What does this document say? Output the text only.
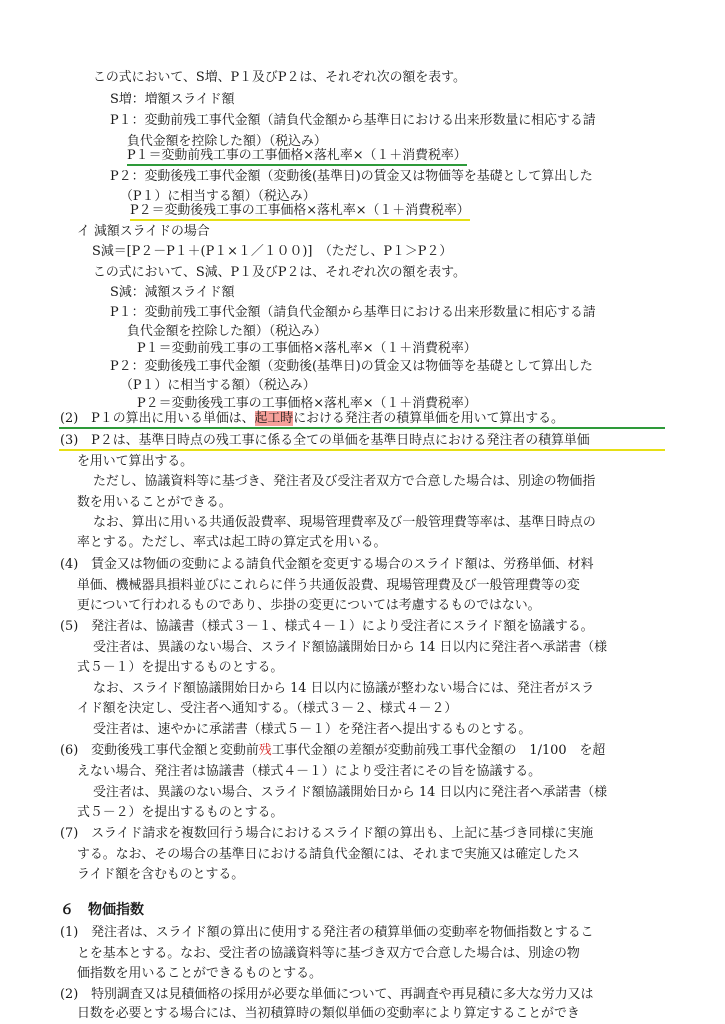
この式において、S増、P１及びP２は、それぞれ次の額を表す。
S増：増額スライド額
P１：変動前残工事代金額（請負代金額から基準日における出来形数量に相応する請
負代金額を控除した額）（税込み）
P１＝変動前残工事の工事価格×落札率×（１＋消費税率）
P２：変動後残工事代金額（変動後(基準日)の賃金又は物価等を基礎として算出した
（P１）に相当する額）（税込み）
P２＝変動後残工事の工事価格×落札率×（１＋消費税率）
イ 減額スライドの場合
S減＝[P２－P１＋(P１×１／１００)]　（ただし、P１＞P２）
この式において、S減、P１及びP２は、それぞれ次の額を表す。
S減：減額スライド額
P１：変動前残工事代金額（請負代金額から基準日における出来形数量に相応する請
負代金額を控除した額）（税込み）
P１＝変動前残工事の工事価格×落札率×（１＋消費税率）
P２：変動後残工事代金額（変動後(基準日)の賃金又は物価等を基礎として算出した
（P１）に相当する額）（税込み）
P２＝変動後残工事の工事価格×落札率×（１＋消費税率）
(2)　P１の算出に用いる単価は、起工時における発注者の積算単価を用いて算出する。
(3)　P２は、基準日時点の残工事に係る全ての単価を基準日時点における発注者の積算単価
を用いて算出する。
ただし、協議資料等に基づき、発注者及び受注者双方で合意した場合は、別途の物価指
数を用いることができる。
なお、算出に用いる共通仮設費率、現場管理費率及び一般管理費等率は、基準日時点の
率とする。ただし、率式は起工時の算定式を用いる。
(4)　賃金又は物価の変動による請負代金額を変更する場合のスライド額は、労務単価、材料
単価、機械器具損料並びにこれらに伴う共通仮設費、現場管理費及び一般管理費等の変
更について行われるものであり、歩掛の変更については考慮するものではない。
(5)　発注者は、協議書（様式３－１、様式４－１）により受注者にスライド額を協議する。
受注者は、異議のない場合、スライド額協議開始日から 14 日以内に発注者へ承諾書（様
式５－１）を提出するものとする。
なお、スライド額協議開始日から 14 日以内に協議が整わない場合には、発注者がスラ
イド額を決定し、受注者へ通知する。（様式３－２、様式４－２）
受注者は、速やかに承諾書（様式５－１）を発注者へ提出するものとする。
(6)　変動後残工事代金額と変動前残工事代金額の差額が変動前残工事代金額の　1/100　を超
えない場合、発注者は協議書（様式４－１）により受注者にその旨を協議する。
受注者は、異議のない場合、スライド額協議開始日から 14 日以内に発注者へ承諾書（様
式５－２）を提出するものとする。
(7)　スライド請求を複数回行う場合におけるスライド額の算出も、上記に基づき同様に実施
する。なお、その場合の基準日における請負代金額には、それまで実施又は確定したス
ライド額を含むものとする。
６　物価指数
(1)　発注者は、スライド額の算出に使用する発注者の積算単価の変動率を物価指数とするこ
とを基本とする。なお、受注者の協議資料等に基づき双方で合意した場合は、別途の物
価指数を用いることができるものとする。
(2)　特別調査又は見積価格の採用が必要な単価について、再調査や再見積に多大な労力又は
日数を必要とする場合には、当初積算時の類似単価の変動率により算定することができ
